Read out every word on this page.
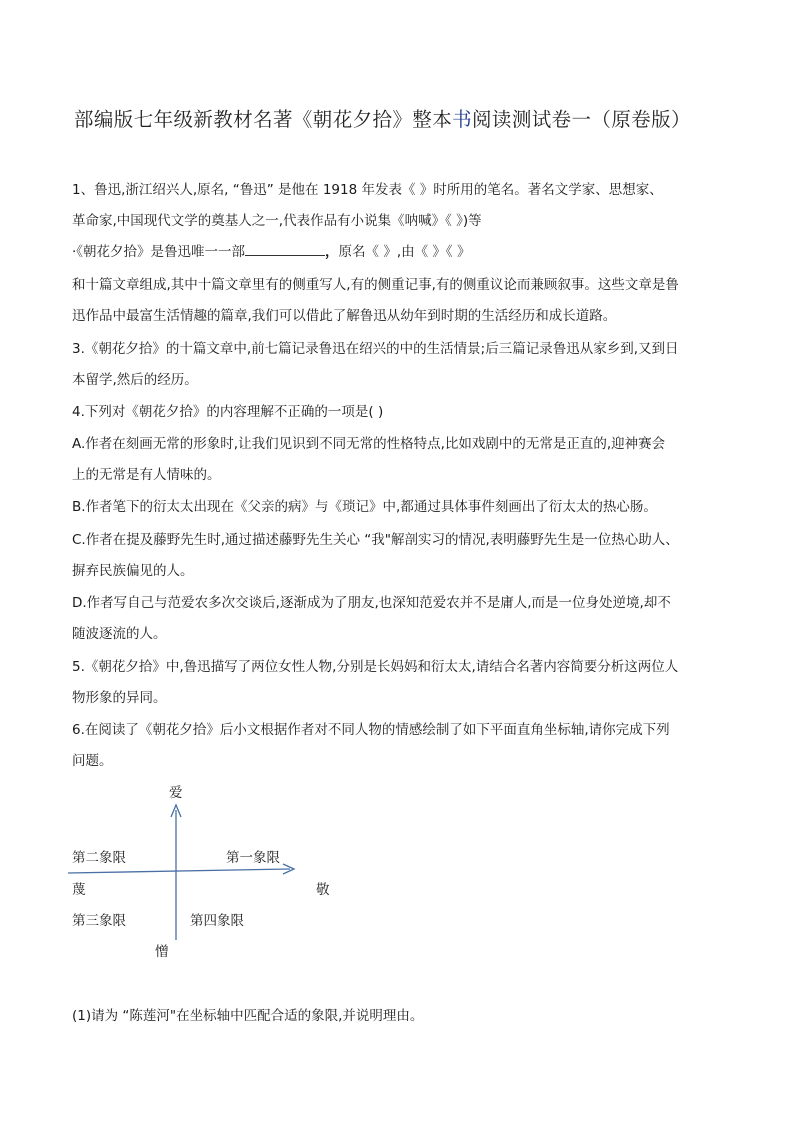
部编版七年级新教材名著《朝花夕拾》整本书阅读测试卷一（原卷版）
1、鲁迅,浙江绍兴人,原名, “鲁迅” 是他在 1918 年发表《 》时所用的笔名。著名文学家、思想家、
革命家,中国现代文学的奠基人之一,代表作品有小说集《呐喊》《 》)等
·《朝花夕拾》是鲁迅唯一一部	，原名《 》,由《 》《 》
和十篇文章组成,其中十篇文章里有的侧重写人,有的侧重记事,有的侧重议论而兼顾叙事。这些文章是鲁
迅作品中最富生活情趣的篇章,我们可以借此了解鲁迅从幼年到时期的生活经历和成长道路。
3.《朝花夕拾》的十篇文章中,前七篇记录鲁迅在绍兴的中的生活情景;后三篇记录鲁迅从家乡到,又到日
本留学,然后的经历。
4.下列对《朝花夕拾》的内容理解不正确的一项是( )
A.作者在刻画无常的形象时,让我们见识到不同无常的性格特点,比如戏剧中的无常是正直的,迎神赛会
上的无常是有人情味的。
B.作者笔下的衍太太出现在《父亲的病》与《琐记》中,都通过具体事件刻画出了衍太太的热心肠。
C.作者在提及藤野先生时,通过描述藤野先生关心 “我"解剖实习的情况,表明藤野先生是一位热心助人、
摒弃民族偏见的人。
D.作者写自己与范爱农多次交谈后,逐渐成为了朋友,也深知范爱农并不是庸人,而是一位身处逆境,却不
随波逐流的人。
5.《朝花夕拾》中,鲁迅描写了两位女性人物,分别是长妈妈和衍太太,请结合名著内容简要分析这两位人
物形象的异同。
6.在阅读了《朝花夕拾》后小文根据作者对不同人物的情感绘制了如下平面直角坐标轴,请你完成下列
问题。
爱
憎
蔑	敬
第一象限
第二象限
第三象限	第四象限
(1)请为 “陈莲河"在坐标轴中匹配合适的象限,并说明理由。
